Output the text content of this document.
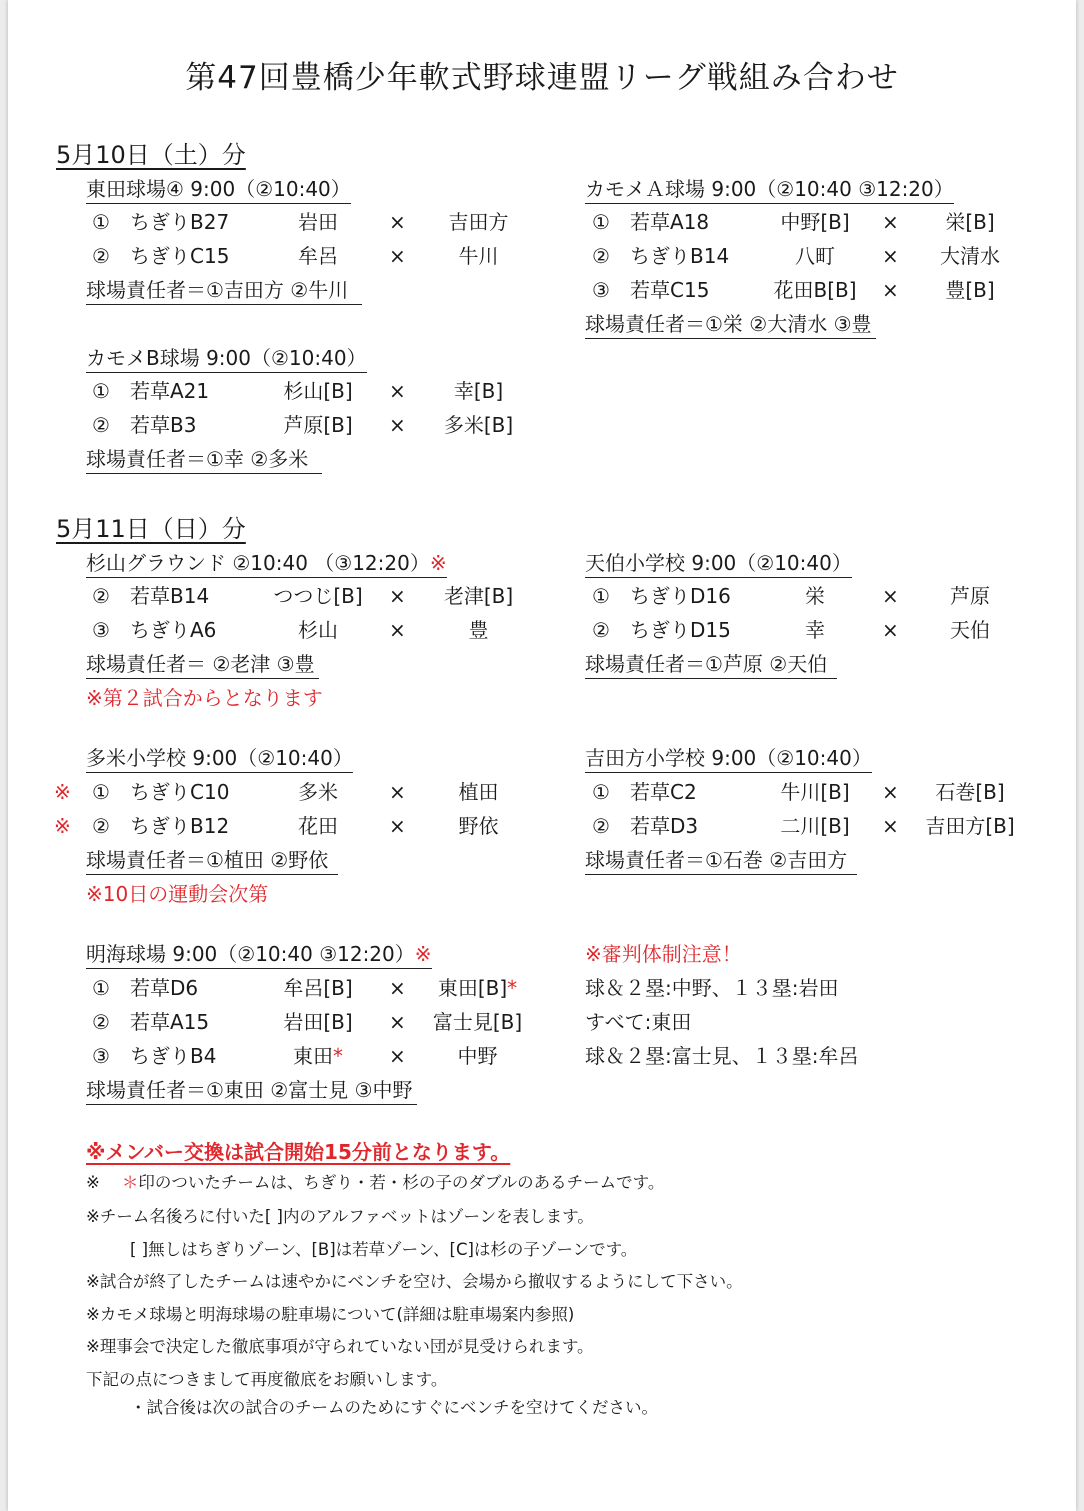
第47回豊橋少年軟式野球連盟リーグ戦組み合わせ
5月10日（土）分
東田球場④ 9:00（②10:40）
① ちぎりB27	岩田	×	吉田方
② ちぎりC15	牟呂	×	牛川
球場責任者＝①吉田方 ②牛川
カモメＡ球場 9:00（②10:40 ③12:20）
① 若草A18	中野[B]	×	栄[B]
② ちぎりB14	八町	×	大清水
③ 若草C15	花田B[B]	×	豊[B]
球場責任者＝①栄 ②大清水 ③豊
カモメB球場 9:00（②10:40）
① 若草A21	杉山[B]	×	幸[B]
② 若草B3	芦原[B]	×	多米[B]
球場責任者＝①幸 ②多米
5月11日（日）分
杉山グラウンド ②10:40 （③12:20）※
② 若草B14	つつじ[B]	×	老津[B]
③ ちぎりA6	杉山	×	豊
球場責任者＝ ②老津 ③豊
※第２試合からとなります
天伯小学校 9:00（②10:40）
① ちぎりD16	栄	×	芦原
② ちぎりD15	幸	×	天伯
球場責任者＝①芦原 ②天伯
多米小学校 9:00（②10:40）
※ ① ちぎりC10	多米	×	植田
※ ② ちぎりB12	花田	×	野依
球場責任者＝①植田 ②野依
※10日の運動会次第
吉田方小学校 9:00（②10:40）
① 若草C2	牛川[B]	×	石巻[B]
② 若草D3	二川[B]	×	吉田方[B]
球場責任者＝①石巻 ②吉田方
明海球場 9:00（②10:40 ③12:20）※
① 若草D6	牟呂[B]	×	東田[B]*
② 若草A15	岩田[B]	×	富士見[B]
③ ちぎりB4	東田*	×	中野
球場責任者＝①東田 ②富士見 ③中野
※審判体制注意！
球＆２塁:中野、１３塁:岩田
すべて:東田
球＆２塁:富士見、１３塁:牟呂
※メンバー交換は試合開始15分前となります。
※ ＊印のついたチームは、ちぎり・若・杉の子のダブルのあるチームです。
※チーム名後ろに付いた[ ]内のアルファベットはゾーンを表します。
[ ]無しはちぎりゾーン、[B]は若草ゾーン、[C]は杉の子ゾーンです。
※試合が終了したチームは速やかにベンチを空け、会場から撤収するようにして下さい。
※カモメ球場と明海球場の駐車場について(詳細は駐車場案内参照)
※理事会で決定した徹底事項が守られていない団が見受けられます。
下記の点につきまして再度徹底をお願いします。
・試合後は次の試合のチームのためにすぐにベンチを空けてください。
